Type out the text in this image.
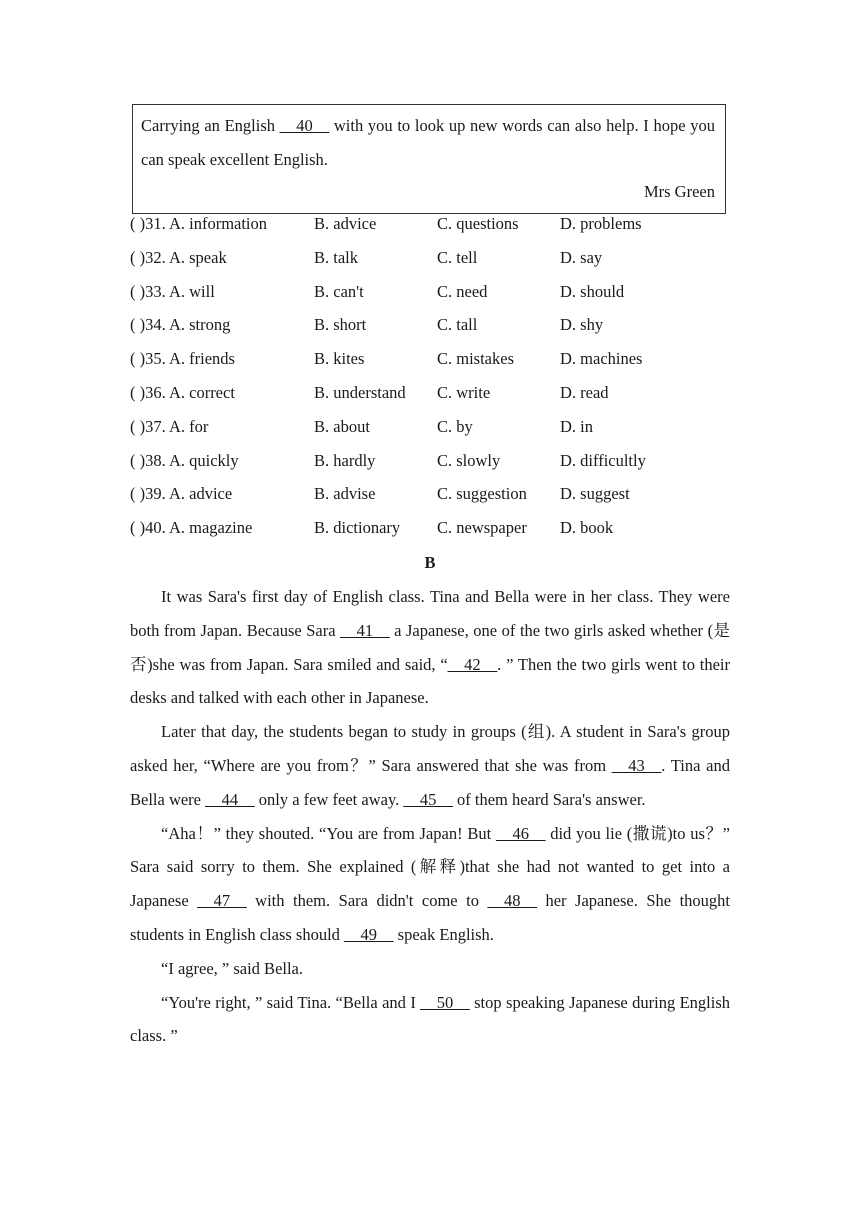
Carrying an English __40__ with you to look up new words can also help. I hope you can speak excellent English.
Mrs Green
( )31. A. information	B. advice	C. questions	D. problems
( )32. A. speak	B. talk	C. tell	D. say
( )33. A. will	B. can't	C. need	D. should
( )34. A. strong	B. short	C. tall	D. shy
( )35. A. friends	B. kites	C. mistakes	D. machines
( )36. A. correct	B. understand C. write	D. read
( )37. A. for	B. about	C. by	D. in
( )38. A. quickly	B. hardly	C. slowly	D. difficultly
( )39. A. advice	B. advise	C. suggestion D. suggest
( )40. A. magazine	B. dictionary C. newspaper D. book
B

It was Sara's first day of English class. Tina and Bella were in her class. They were both from Japan. Because Sara __41__ a Japanese, one of the two girls asked whether (是否)she was from Japan. Sara smiled and said, “__42__. ” Then the two girls went to their desks and talked with each other in Japanese.

Later that day, the students began to study in groups (组). A student in Sara's group asked her, “Where are you from？” Sara answered that she was from __43__. Tina and Bella were __44__ only a few feet away. __45__ of them heard Sara's answer.

“Aha！” they shouted. “You are from Japan! But __46__ did you lie (撒谎)to us？” Sara said sorry to them. She explained (解释)that she had not wanted to get into a Japanese __47__ with them. Sara didn't come to __48__ her Japanese. She thought students in English class should __49__ speak English.

“I agree, ” said Bella.

“You're right, ” said Tina. “Bella and I __50__ stop speaking Japanese during English class. ”
